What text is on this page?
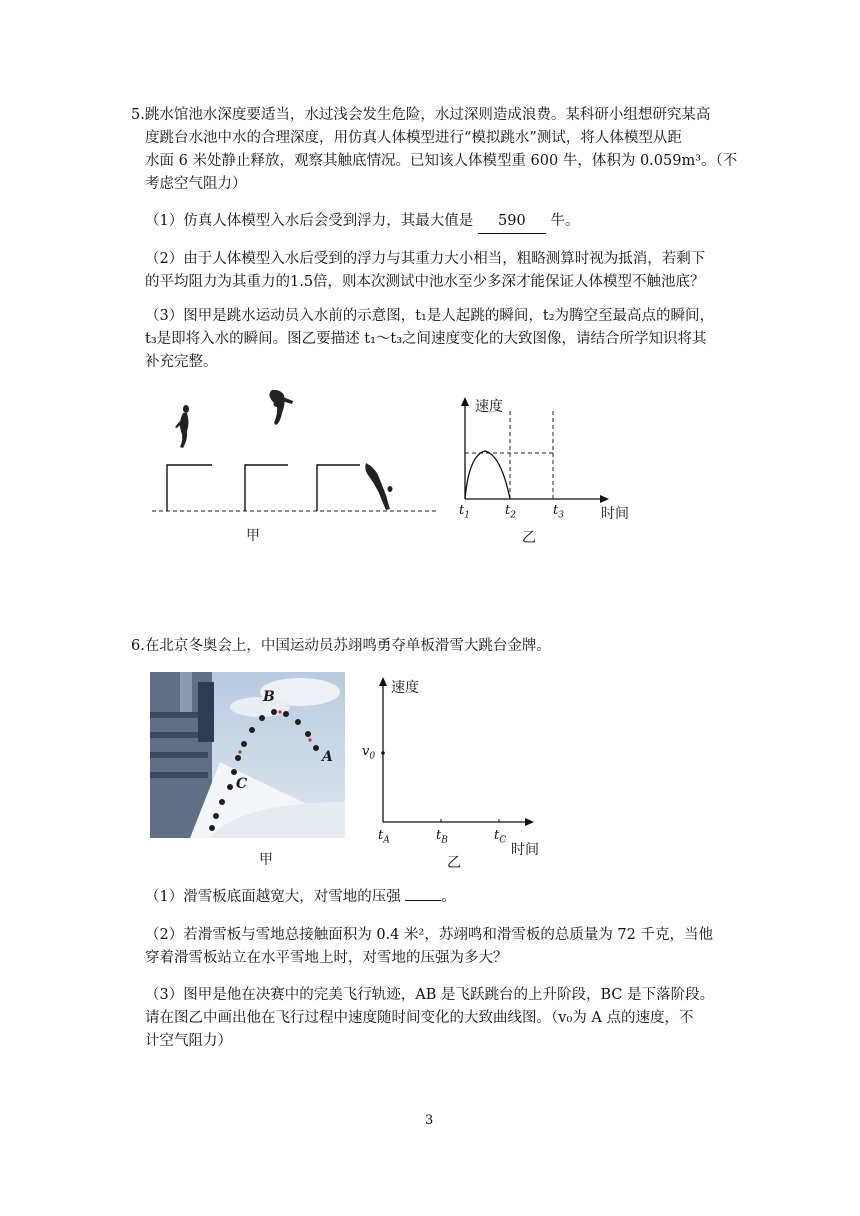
5.跳水馆池水深度要适当，水过浅会发生危险，水过深则造成浪费。某科研小组想研究某高
度跳台水池中水的合理深度，用仿真人体模型进行“模拟跳水”测试，将人体模型从距
水面 6 米处静止释放，观察其触底情况。已知该人体模型重 600 牛，体积为 0.059m³。（不
考虑空气阻力）
（1）仿真人体模型入水后会受到浮力，其最大值是 590 牛。
（2）由于人体模型入水后受到的浮力与其重力大小相当，粗略测算时视为抵消，若剩下
的平均阻力为其重力的1.5倍，则本次测试中池水至少多深才能保证人体模型不触池底？
（3）图甲是跳水运动员入水前的示意图，t₁是人起跳的瞬间，t₂为腾空至最高点的瞬间，
t₃是即将入水的瞬间。图乙要描述 t₁～t₃之间速度变化的大致图像，请结合所学知识将其
补充完整。
甲
速度
时间
$t_1$	$t_2$	$t_3$
乙
6.在北京冬奥会上，中国运动员苏翊鸣勇夺单板滑雪大跳台金牌。
B
A
C
甲
速度
$v_0$
$t_A$	$t_B$	$t_C$
时间
乙
（1）滑雪板底面越宽大，对雪地的压强	。
（2）若滑雪板与雪地总接触面积为 0.4 米²，苏翊鸣和滑雪板的总质量为 72 千克，当他
穿着滑雪板站立在水平雪地上时，对雪地的压强为多大？
（3）图甲是他在决赛中的完美飞行轨迹，AB 是飞跃跳台的上升阶段，BC 是下落阶段。
请在图乙中画出他在飞行过程中速度随时间变化的大致曲线图。（v₀为 A 点的速度，不
计空气阻力）
3
